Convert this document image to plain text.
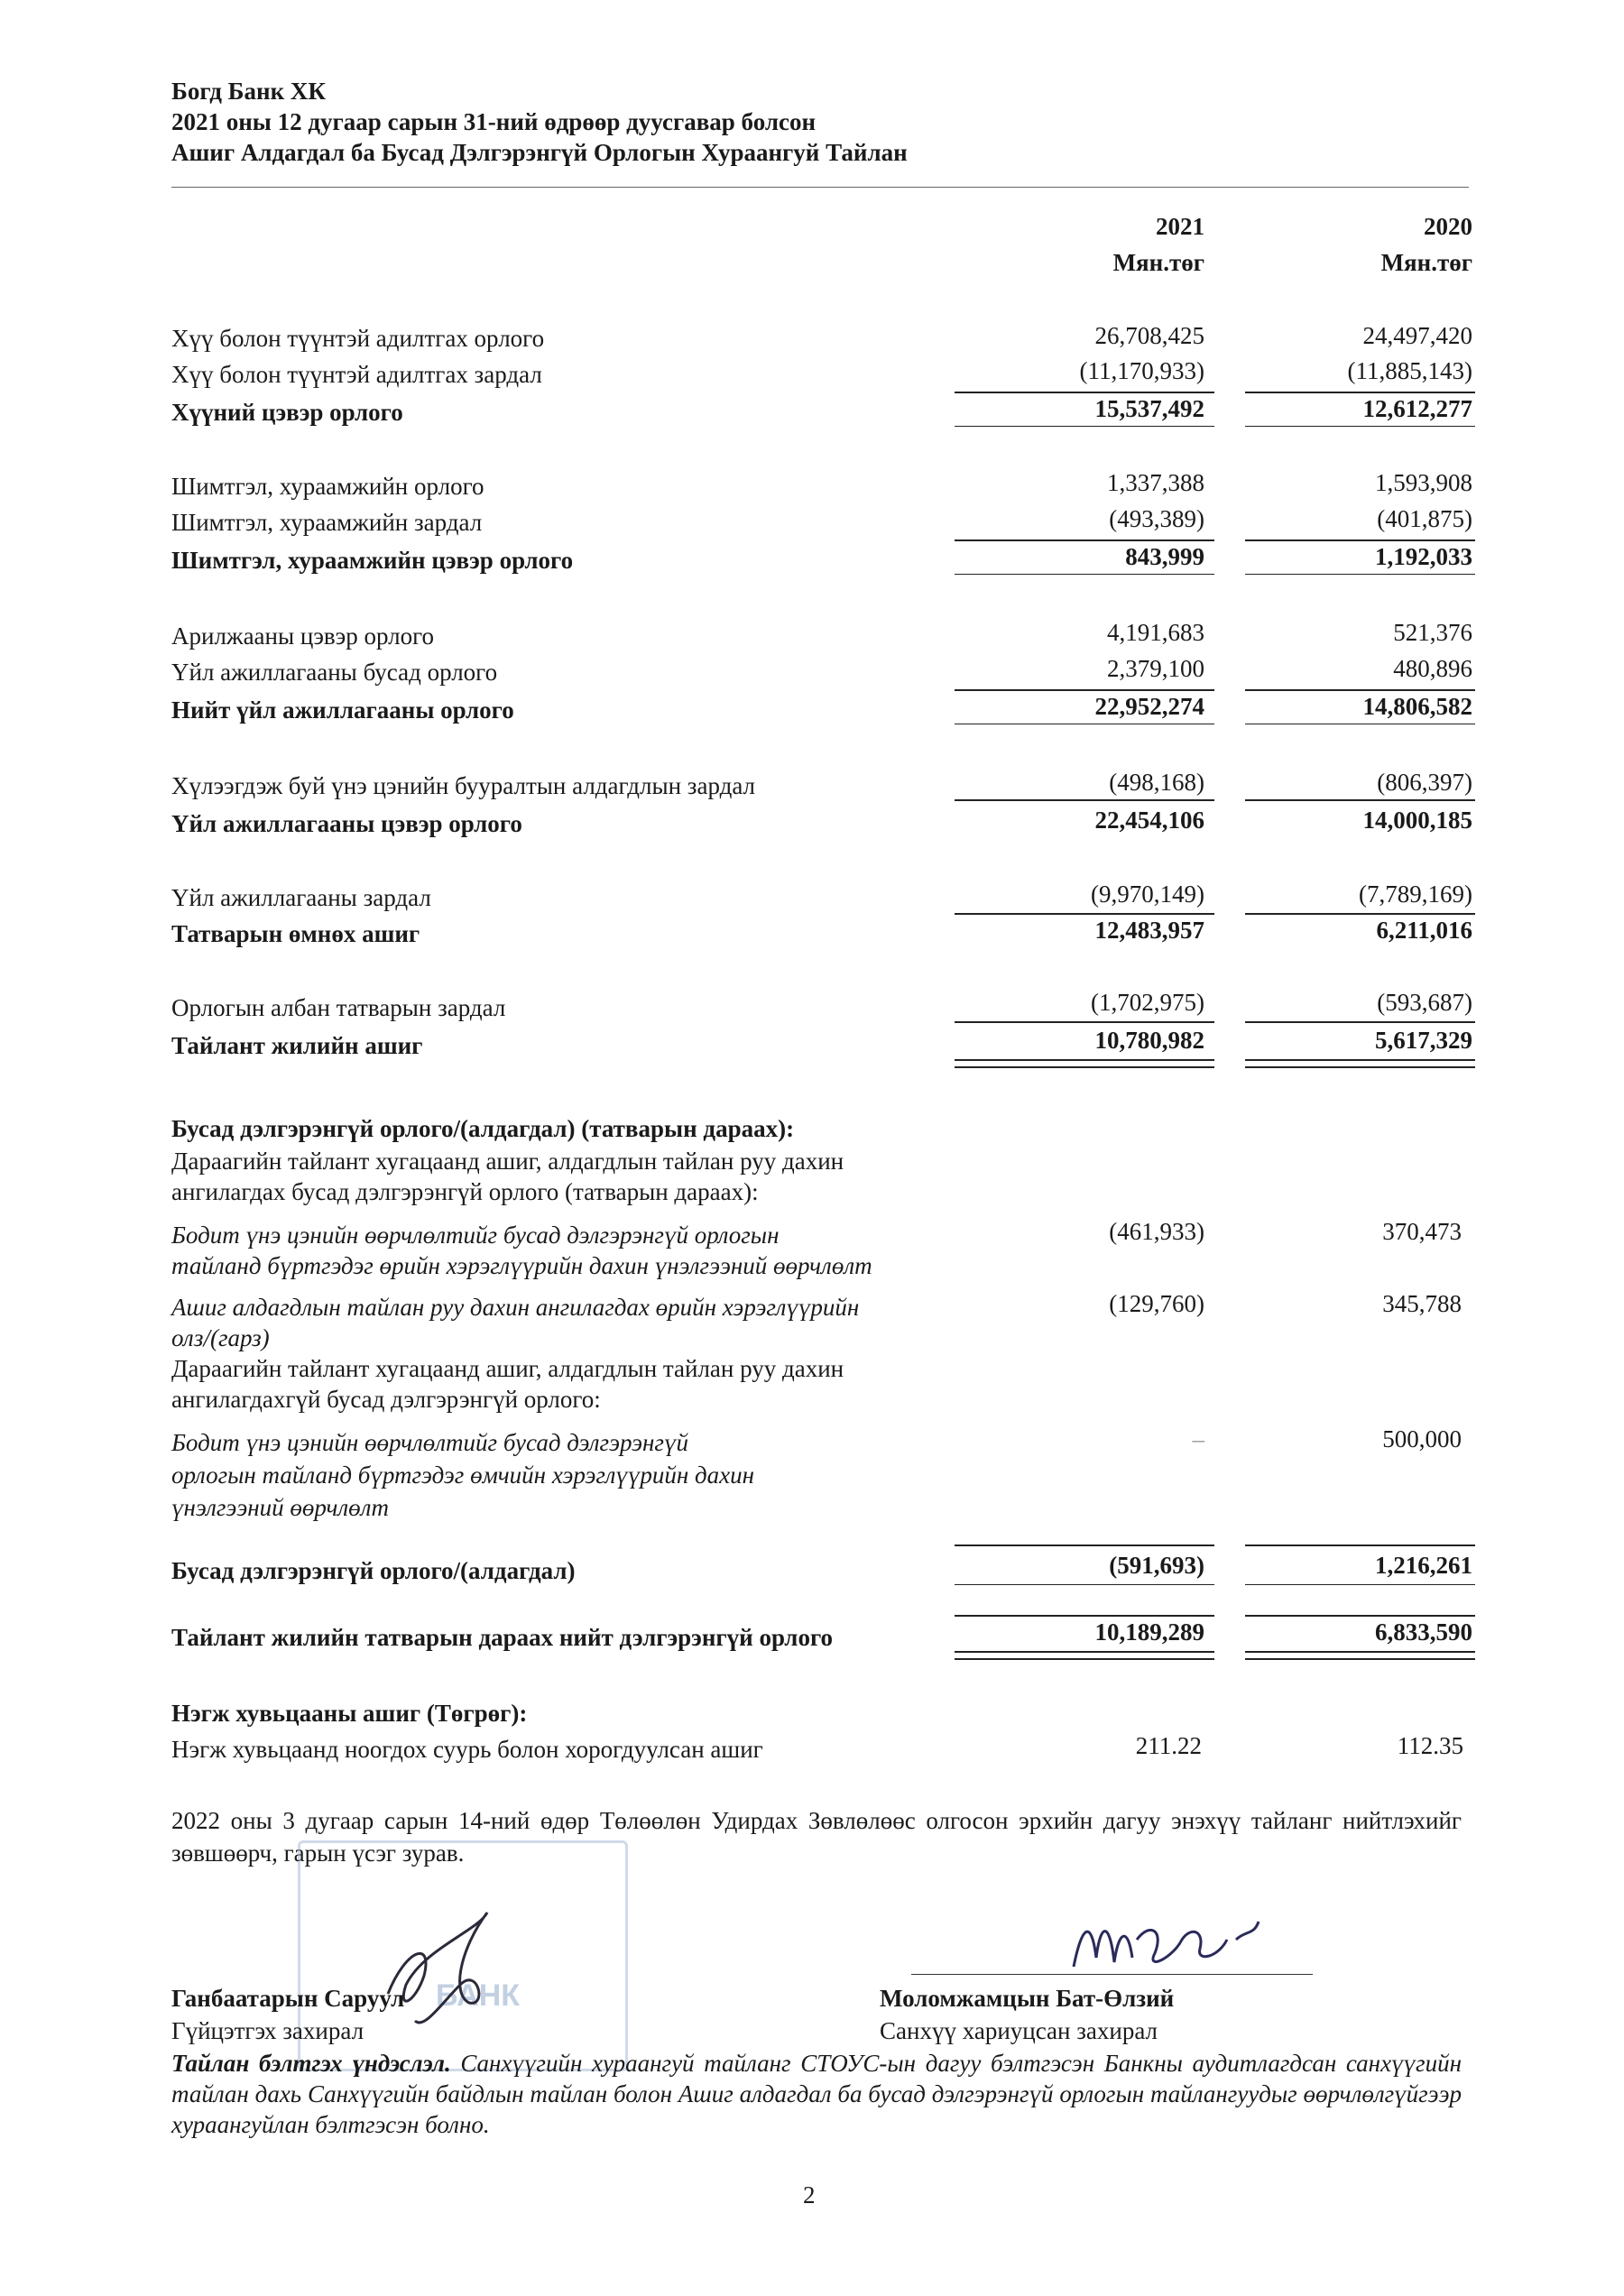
Богд Банк ХК
2021 оны 12 дугаар сарын 31-ний өдрөөр дуусгавар болсон
Ашиг Алдагдал ба Бусад Дэлгэрэнгүй Орлогын Хураангуй Тайлан
2021	2020
Мян.төг	Мян.төг
Хүү болон түүнтэй адилтгах орлого	26,708,425	24,497,420
Хүү болон түүнтэй адилтгах зардал	(11,170,933)	(11,885,143)
Хүүний цэвэр орлого	15,537,492	12,612,277
Шимтгэл, хураамжийн орлого	1,337,388	1,593,908
Шимтгэл, хураамжийн зардал	(493,389)	(401,875)
Шимтгэл, хураамжийн цэвэр орлого	843,999	1,192,033
Арилжааны цэвэр орлого	4,191,683	521,376
Үйл ажиллагааны бусад орлого	2,379,100	480,896
Нийт үйл ажиллагааны орлого	22,952,274	14,806,582
Хүлээгдэж буй үнэ цэнийн бууралтын алдагдлын зардал	(498,168)	(806,397)
Үйл ажиллагааны цэвэр орлого	22,454,106	14,000,185
Үйл ажиллагааны зардал	(9,970,149)	(7,789,169)
Татварын өмнөх ашиг	12,483,957	6,211,016
Орлогын албан татварын зардал	(1,702,975)	(593,687)
Тайлант жилийн ашиг	10,780,982	5,617,329
Бусад дэлгэрэнгүй орлого/(алдагдал) (татварын дараах):
Дараагийн тайлант хугацаанд ашиг, алдагдлын тайлан руу дахин
ангилагдах бусад дэлгэрэнгүй орлого (татварын дараах):
Бодит үнэ цэнийн өөрчлөлтийг бусад дэлгэрэнгүй орлогын
тайланд бүртгэдэг өрийн хэрэглүүрийн дахин үнэлгээний өөрчлөлт
(461,933)	370,473
Ашиг алдагдлын тайлан руу дахин ангилагдах өрийн хэрэглүүрийн
олз/(гарз)
(129,760)	345,788
Дараагийн тайлант хугацаанд ашиг, алдагдлын тайлан руу дахин
ангилагдахгүй бусад дэлгэрэнгүй орлого:
Бодит үнэ цэнийн өөрчлөлтийг бусад дэлгэрэнгүй
орлогын тайланд бүртгэдэг өмчийн хэрэглүүрийн дахин
үнэлгээний өөрчлөлт
–	500,000
Бусад дэлгэрэнгүй орлого/(алдагдал)	(591,693)	1,216,261
Тайлант жилийн татварын дараах нийт дэлгэрэнгүй орлого	10,189,289	6,833,590
Нэгж хувьцааны ашиг (Төгрөг):
Нэгж хувьцаанд ноогдох суурь болон хорогдуулсан ашиг	211.22	112.35
2022 оны 3 дугаар сарын 14-ний өдөр Төлөөлөн Удирдах Зөвлөлөөс олгосон эрхийн дагуу энэхүү тайланг нийтлэхийг зөвшөөрч, гарын үсэг зурав.
БАНК
Ганбаатарын Саруул
Гүйцэтгэх захирал
Моломжамцын Бат-Өлзий
Санхүү хариуцсан захирал
Тайлан бэлтгэх үндэслэл. Санхүүгийн хураангуй тайланг СТОУС-ын дагуу бэлтгэсэн Банкны аудитлагдсан санхүүгийн тайлан дахь Санхүүгийн байдлын тайлан болон Ашиг алдагдал ба бусад дэлгэрэнгүй орлогын тайлангуудыг өөрчлөлгүйгээр хураангуйлан бэлтгэсэн болно.
2
